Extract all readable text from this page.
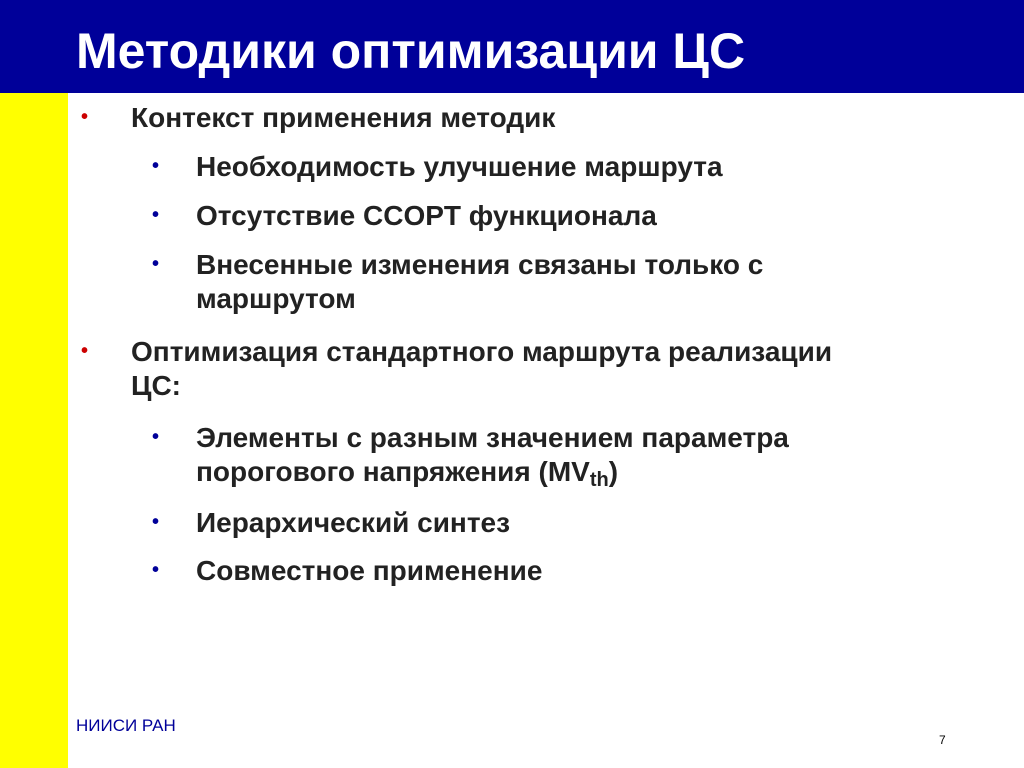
Методики оптимизации ЦС
• Контекст применения методик
• Необходимость улучшение маршрута
• Отсутствие CCOPT функционала
• Внесенные изменения связаны только с маршрутом
• Оптимизация стандартного маршрута реализации ЦС:
• Элементы с разным значением параметра порогового напряжения $(MV_{th})$
• Иерархический синтез
• Совместное применение
НИИСИ РАН
7
